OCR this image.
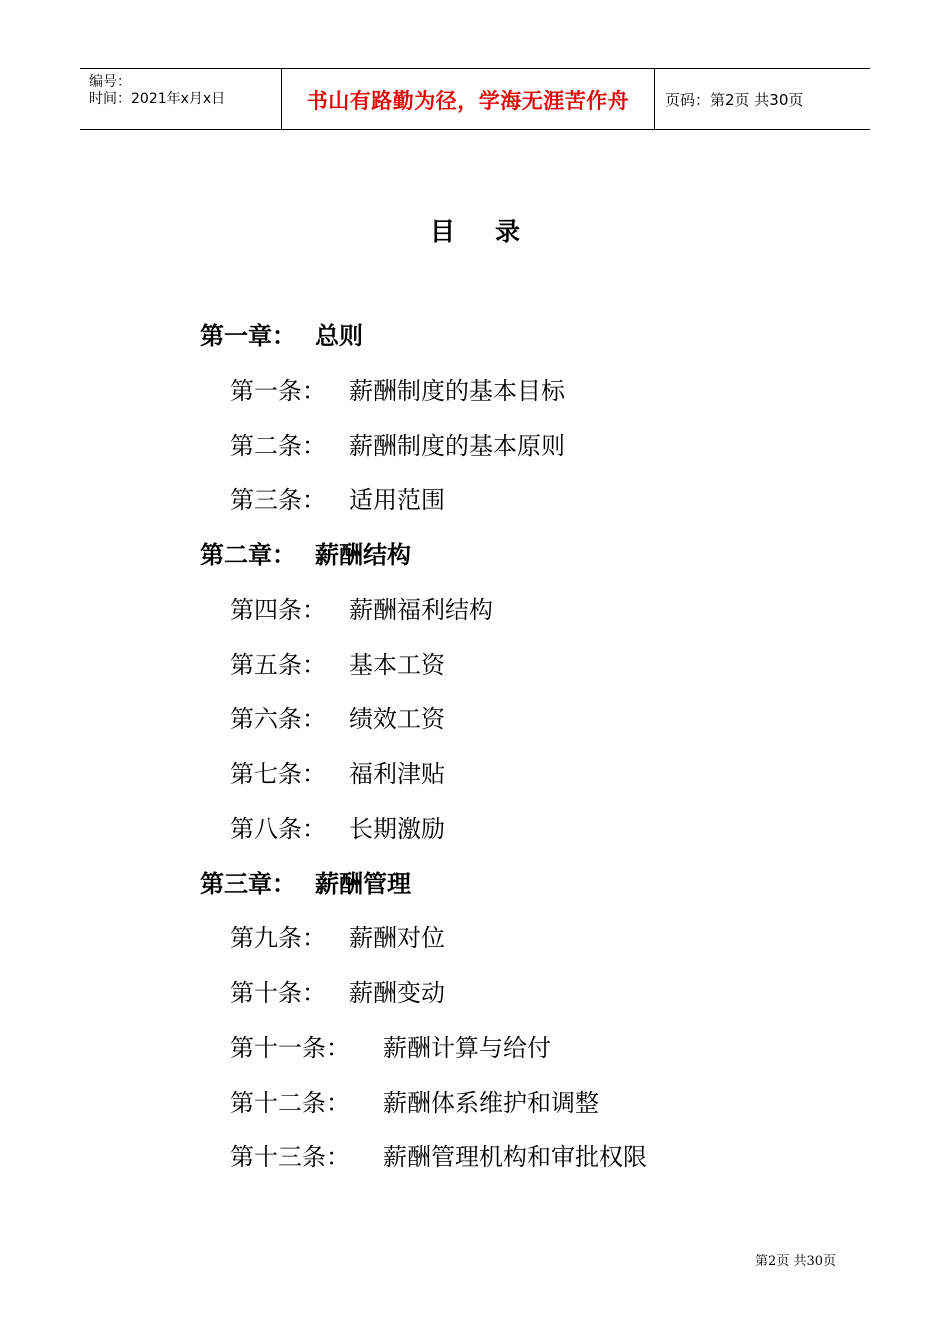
编号：
时间：2021年x月x日	书山有路勤为径，学海无涯苦作舟	页码：第2页 共30页
目录
第一章： 总则
第一条： 薪酬制度的基本目标
第二条： 薪酬制度的基本原则
第三条： 适用范围
第二章： 薪酬结构
第四条： 薪酬福利结构
第五条： 基本工资
第六条： 绩效工资
第七条： 福利津贴
第八条： 长期激励
第三章： 薪酬管理
第九条： 薪酬对位
第十条： 薪酬变动
第十一条： 薪酬计算与给付
第十二条： 薪酬体系维护和调整
第十三条： 薪酬管理机构和审批权限
第2页 共30页
